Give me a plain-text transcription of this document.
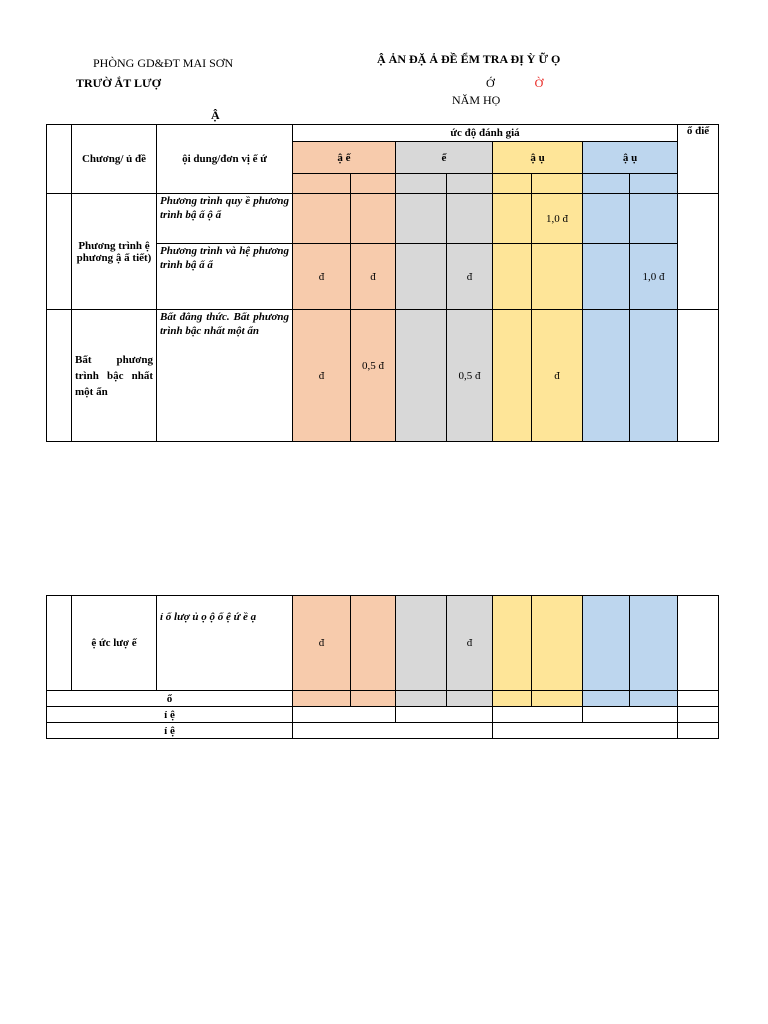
PHÒNG GD&ĐT MAI SƠN
TRƯỜ ẮT LƯỢ
Ậ ẢN ĐẶ Ả ĐỀ ỂM TRA ĐỊ Ỳ Ữ Ọ
Ớ	Ờ
NĂM HỌ
Ậ
	Chương/ ủ đề	ội dung/đơn vị ế ứ	ức độ đánh giá								ổ điể
			ậ ế		ể		ậ ụ		ậ ụ		

	Phương trình ệ phương ậ ấ tiết)	Phương trình quy ề phương trình bậ ấ ộ ẩ						1,0 đ			
		Phương trình và hệ phương trình bậ ấ ẩ	đ	đ		đ				1,0 đ	
	Bất phương trình bậc nhất một ẩn	Bất đẳng thức. Bất phương trình bậc nhất một ẩn	đ	0,5 đ		0,5 đ		đ			
	ệ ức lượ ế	ỉ ố lượ ủ ọ ộ ố ệ ứ ề ạ	đ			đ					
ổ											
ỉ ệ											
ỉ ệ											
